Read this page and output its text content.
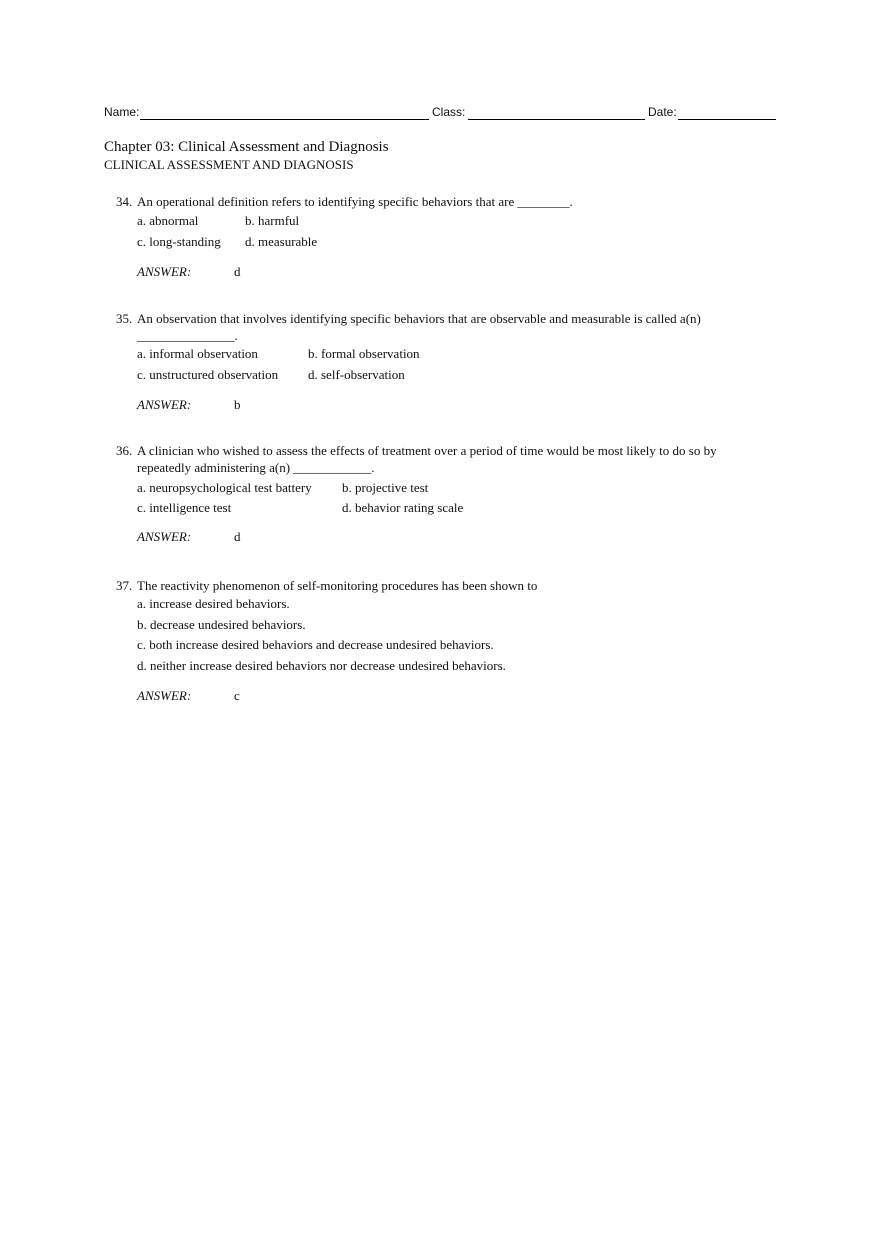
Name:	Class:	Date:
Chapter 03: Clinical Assessment and Diagnosis
CLINICAL ASSESSMENT AND DIAGNOSIS
34. An operational definition refers to identifying specific behaviors that are ________.
a. abnormal	b. harmful
c. long-standing d. measurable
ANSWER:	d
35. An observation that involves identifying specific behaviors that are observable and measurable is called a(n)
_______________.
a. informal observation	b. formal observation
c. unstructured observation d. self-observation
ANSWER:	b
36. A clinician who wished to assess the effects of treatment over a period of time would be most likely to do so by
repeatedly administering a(n) ____________.
a. neuropsychological test battery b. projective test
c. intelligence test	d. behavior rating scale
ANSWER:	d
37. The reactivity phenomenon of self-monitoring procedures has been shown to
a. increase desired behaviors.
b. decrease undesired behaviors.
c. both increase desired behaviors and decrease undesired behaviors.
d. neither increase desired behaviors nor decrease undesired behaviors.
ANSWER:	c
